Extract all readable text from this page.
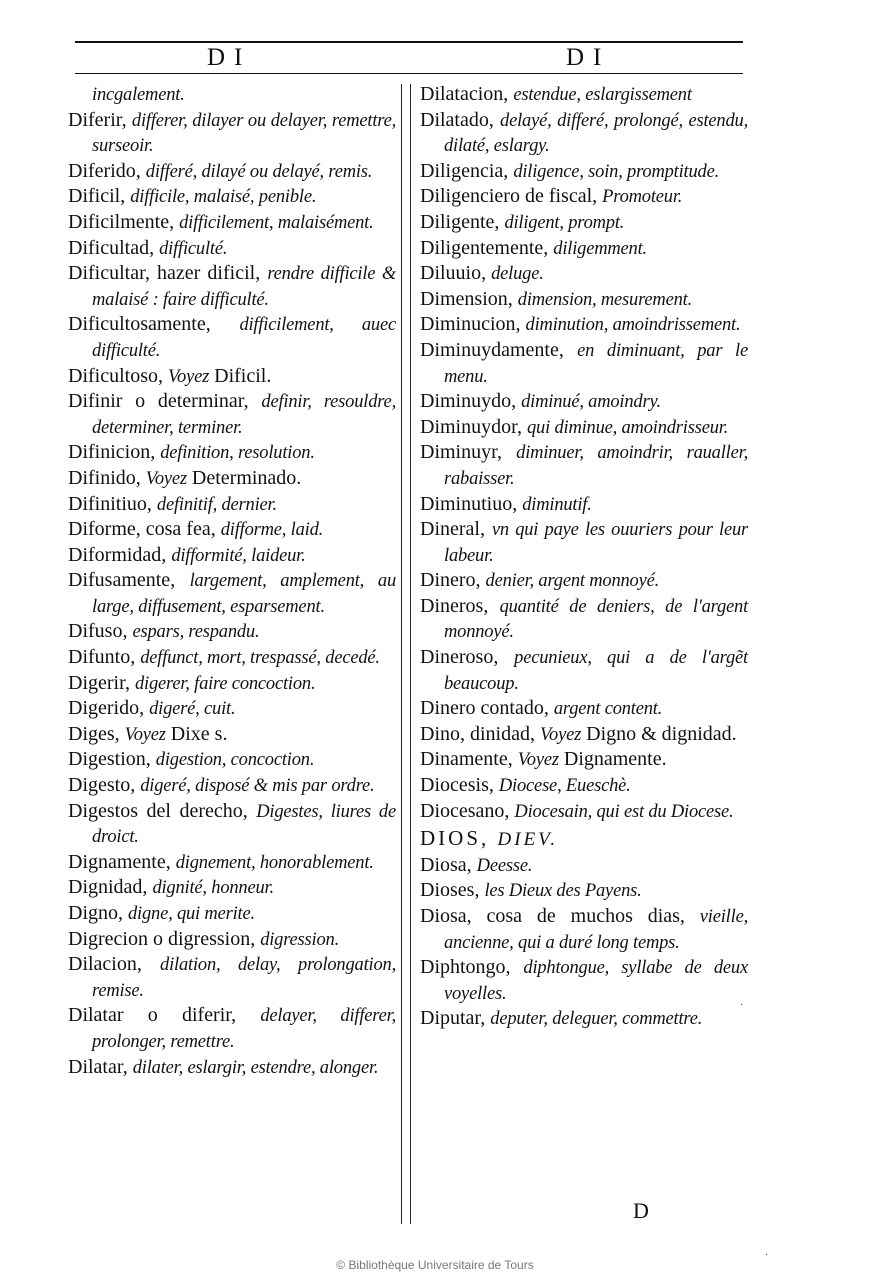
DI	DI
incgalement.
Diferir, differer, dilayer ou delayer, remettre, surseoir.
Diferido, differé, dilayé ou delayé, remis.
Dificil, difficile, malaisé, penible.
Dificilmente, difficilement, malaisément.
Dificultad, difficulté.
Dificultar, hazer dificil, rendre difficile & malaisé : faire difficulté.
Dificultosamente, difficilement, auec difficulté.
Dificultoso, Voyez Dificil.
Difinir o determinar, definir, resouldre, determiner, terminer.
Difinicion, definition, resolution.
Difinido, Voyez Determinado.
Difinitiuo, definitif, dernier.
Diforme, cosa fea, difforme, laid.
Diformidad, difformité, laideur.
Difusamente, largement, amplement, au large, diffusement, esparsement.
Difuso, espars, respandu.
Difunto, deffunct, mort, trespassé, decedé.
Digerir, digerer, faire concoction.
Digerido, digeré, cuit.
Diges, Voyez Dixe s.
Digestion, digestion, concoction.
Digesto, digeré, disposé & mis par ordre.
Digestos del derecho, Digestes, liures de droict.
Dignamente, dignement, honorablement.
Dignidad, dignité, honneur.
Digno, digne, qui merite.
Digrecion o digression, digression.
Dilacion, dilation, delay, prolongation, remise.
Dilatar o diferir, delayer, differer, prolonger, remettre.
Dilatar, dilater, eslargir, estendre, alonger.
Dilatacion, estendue, eslargissement
Dilatado, delayé, differé, prolongé, estendu, dilaté, eslargy.
Diligencia, diligence, soin, promptitude.
Diligenciero de fiscal, Promoteur.
Diligente, diligent, prompt.
Diligentemente, diligemment.
Diluuio, deluge.
Dimension, dimension, mesurement.
Diminucion, diminution, amoindrissement.
Diminuydamente, en diminuant, par le menu.
Diminuydo, diminué, amoindry.
Diminuydor, qui diminue, amoindrisseur.
Diminuyr, diminuer, amoindrir, raualler, rabaisser.
Diminutiuo, diminutif.
Dineral, vn qui paye les ouuriers pour leur labeur.
Dinero, denier, argent monnoyé.
Dineros, quantité de deniers, de l'argent monnoyé.
Dineroso, pecunieux, qui a de l'argẽt beaucoup.
Dinero contado, argent content.
Dino, dinidad, Voyez Digno & dignidad.
Dinamente, Voyez Dignamente.
Diocesis, Diocese, Eueschè.
Diocesano, Diocesain, qui est du Diocese.
DIOS, DIEV.
Diosa, Deesse.
Dioses, les Dieux des Payens.
Diosa, cosa de muchos dias, vieille, ancienne, qui a duré long temps.
Diphtongo, diphtongue, syllabe de deux voyelles.
Diputar, deputer, deleguer, commettre.
D
·
·
© Bibliothèque Universitaire de Tours
